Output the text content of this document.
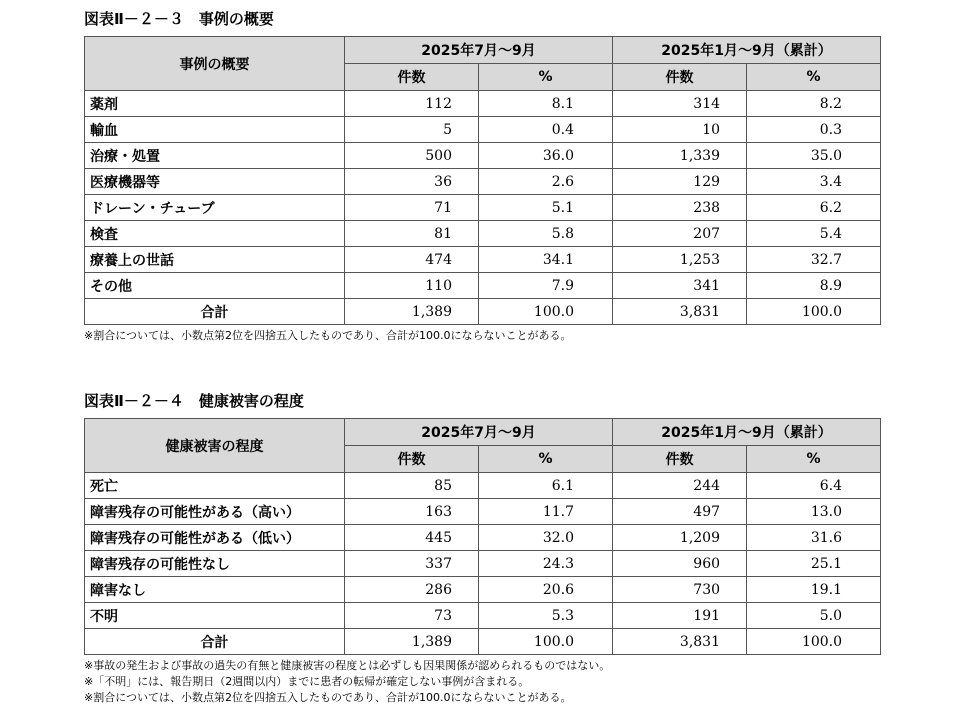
図表Ⅱ－２－３　事例の概要
事例の概要	2025年7月～9月		2025年1月～9月（累計）	
	件数	%	件数	%
薬剤	112	8.1	314	8.2
輸血	5	0.4	10	0.3
治療・処置	500	36.0	1,339	35.0
医療機器等	36	2.6	129	3.4
ドレーン・チューブ	71	5.1	238	6.2
検査	81	5.8	207	5.4
療養上の世話	474	34.1	1,253	32.7
その他	110	7.9	341	8.9
合計	1,389	100.0	3,831	100.0
※割合については、小数点第2位を四捨五入したものであり、合計が100.0にならないことがある。
図表Ⅱ－２－４　健康被害の程度
健康被害の程度	2025年7月～9月		2025年1月～9月（累計）	
	件数	%	件数	%
死亡	85	6.1	244	6.4
障害残存の可能性がある（高い）	163	11.7	497	13.0
障害残存の可能性がある（低い）	445	32.0	1,209	31.6
障害残存の可能性なし	337	24.3	960	25.1
障害なし	286	20.6	730	19.1
不明	73	5.3	191	5.0
合計	1,389	100.0	3,831	100.0
※事故の発生および事故の過失の有無と健康被害の程度とは必ずしも因果関係が認められるものではない。
※「不明」には、報告期日（2週間以内）までに患者の転帰が確定しない事例が含まれる。
※割合については、小数点第2位を四捨五入したものであり、合計が100.0にならないことがある。
